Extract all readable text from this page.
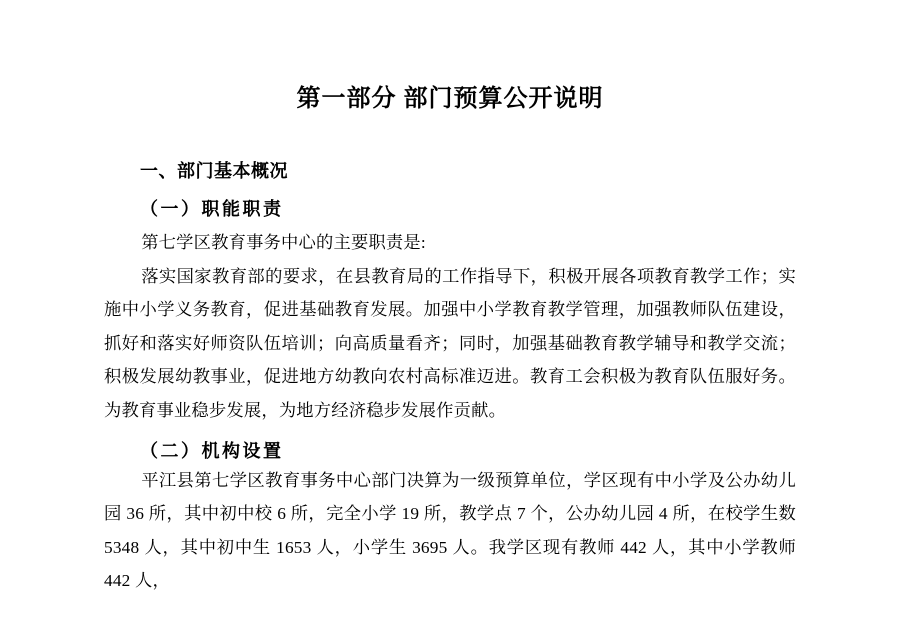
第一部分 部门预算公开说明
一、部门基本概况
（一）职能职责

第七学区教育事务中心的主要职责是:

落实国家教育部的要求，在县教育局的工作指导下，积极开展各项教育教学工作；实施中小学义务教育，促进基础教育发展。加强中小学教育教学管理，加强教师队伍建设，抓好和落实好师资队伍培训；向高质量看齐；同时，加强基础教育教学辅导和教学交流；积极发展幼教事业，促进地方幼教向农村高标准迈进。教育工会积极为教育队伍服好务。为教育事业稳步发展，为地方经济稳步发展作贡献。

（二）机构设置

平江县第七学区教育事务中心部门决算为一级预算单位，学区现有中小学及公办幼儿园 36 所，其中初中校 6 所，完全小学 19 所，教学点 7 个，公办幼儿园 4 所，在校学生数 5348 人，其中初中生 1653 人，小学生 3695 人。我学区现有教师 442 人，其中小学教师 442 人，
